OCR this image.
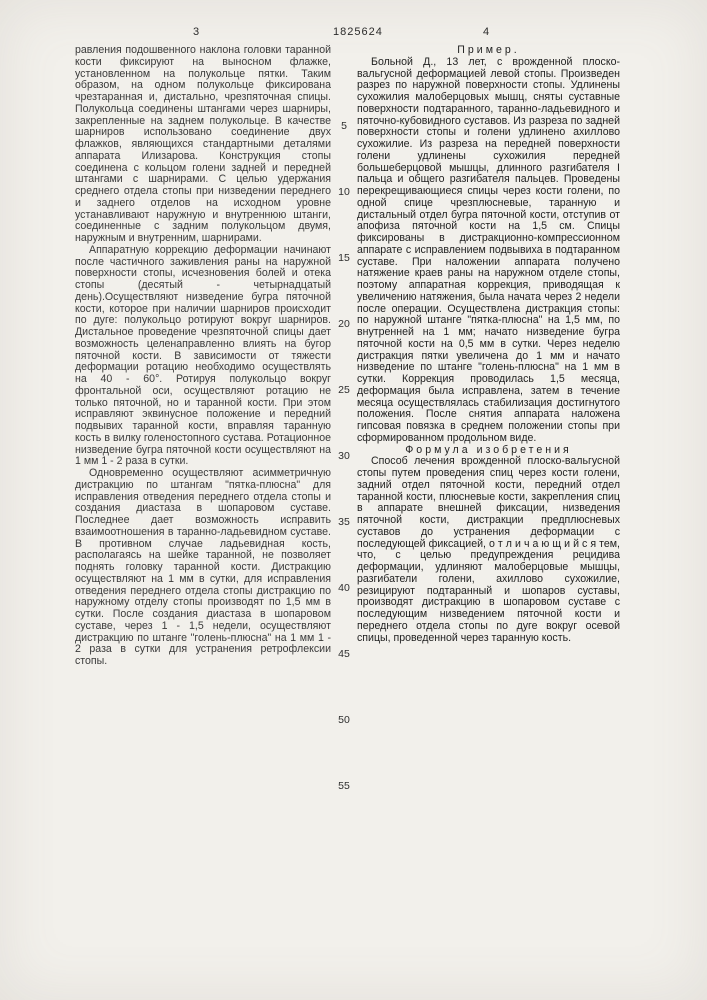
3	1825624	4

равления подошвенного наклона головки таранной кости фиксируют на выносном флажке, установленном на полукольце пятки. Таким образом, на одном полукольце фиксирована чрезтаранная и, дистально, чрезпяточная спицы. Полукольца соединены штангами через шарниры, закрепленные на заднем полукольце. В качестве шарниров использовано соединение двух флажков, являющихся стандартными деталями аппарата Илизарова. Конструкция стопы соединена с кольцом голени задней и передней штангами с шарнирами. С целью удержания среднего отдела стопы при низведении переднего и заднего отделов на исходном уровне устанавливают наружную и внутреннюю штанги, соединенные с задним полукольцом двумя, наружным и внутренним, шарнирами.

Аппаратную коррекцию деформации начинают после частичного заживления раны на наружной поверхности стопы, исчезновения болей и отека стопы (десятый - четырнадцатый день).Осуществляют низведение бугра пяточной кости, которое при наличии шарниров происходит по дуге: полукольцо ротируют вокруг шарниров. Дистальное проведение чрезпяточной спицы дает возможность целенаправленно влиять на бугор пяточной кости. В зависимости от тяжести деформации ротацию необходимо осуществлять на 40 - 60°. Ротируя полукольцо вокруг фронтальной оси, осуществляют ротацию не только пяточной, но и таранной кости. При этом исправляют эквинусное положение и передний подвывих таранной кости, вправляя таранную кость в вилку голеностопного сустава. Ротационное низведение бугра пяточной кости осуществляют на 1 мм 1 - 2 раза в сутки.

Одновременно осуществляют асимметричную дистракцию по штангам "пятка-плюсна" для исправления отведения переднего отдела стопы и создания диастаза в шопаровом суставе. Последнее дает возможность исправить взаимоотношения в таранно-ладьевидном суставе. В противном случае ладьевидная кость, располагаясь на шейке таранной, не позволяет поднять головку таранной кости. Дистракцию осуществляют на 1 мм в сутки, для исправления отведения переднего отдела стопы дистракцию по наружному отделу стопы производят по 1,5 мм в сутки. После создания диастаза в шопаровом суставе, через 1 - 1,5 недели, осуществляют дистракцию по штанге "голень-плюсна" на 1 мм 1 - 2 раза в сутки для устранения ретрофлексии стопы.

5
10
15
20
25
30
35
40
45
50
55

Пример.

Больной Д., 13 лет, с врожденной плоско-вальгусной деформацией левой стопы. Произведен разрез по наружной поверхности стопы. Удлинены сухожилия малоберцовых мышц, сняты суставные поверхности подтаранного, таранно-ладьевидного и пяточно-кубовидного суставов. Из разреза по задней поверхности стопы и голени удлинено ахиллово сухожилие. Из разреза на передней поверхности голени удлинены сухожилия передней большеберцовой мышцы, длинного разгибателя I пальца и общего разгибателя пальцев. Проведены перекрещивающиеся спицы через кости голени, по одной спице чрезплюсневые, таранную и дистальный отдел бугра пяточной кости, отступив от апофиза пяточной кости на 1,5 см. Спицы фиксированы в дистракционно-компрессионном аппарате с исправлением подвывиха в подтаранном суставе. При наложении аппарата получено натяжение краев раны на наружном отделе стопы, поэтому аппаратная коррекция, приводящая к увеличению натяжения, была начата через 2 недели после операции. Осуществлена дистракция стопы: по наружной штанге "пятка-плюсна" на 1,5 мм, по внутренней на 1 мм; начато низведение бугра пяточной кости на 0,5 мм в сутки. Через неделю дистракция пятки увеличена до 1 мм и начато низведение по штанге "голень-плюсна" на 1 мм в сутки. Коррекция проводилась 1,5 месяца, деформация была исправлена, затем в течение месяца осуществлялась стабилизация достигнутого положения. После снятия аппарата наложена гипсовая повязка в среднем положении стопы при сформированном продольном виде.

Формула изобретения

Способ лечения врожденной плоско-вальгусной стопы путем проведения спиц через кости голени, задний отдел пяточной кости, передний отдел таранной кости, плюсневые кости, закрепления спиц в аппарате внешней фиксации, низведения пяточной кости, дистракции предплюсневых суставов до устранения деформации с последующей фиксацией, о т л и ч а ю щ и й с я тем, что, с целью предупреждения рецидива деформации, удлиняют малоберцовые мышцы, разгибатели голени, ахиллово сухожилие, резицируют подтаранный и шопаров суставы, производят дистракцию в шопаровом суставе с последующим низведением пяточной кости и переднего отдела стопы по дуге вокруг осевой спицы, проведенной через таранную кость.
